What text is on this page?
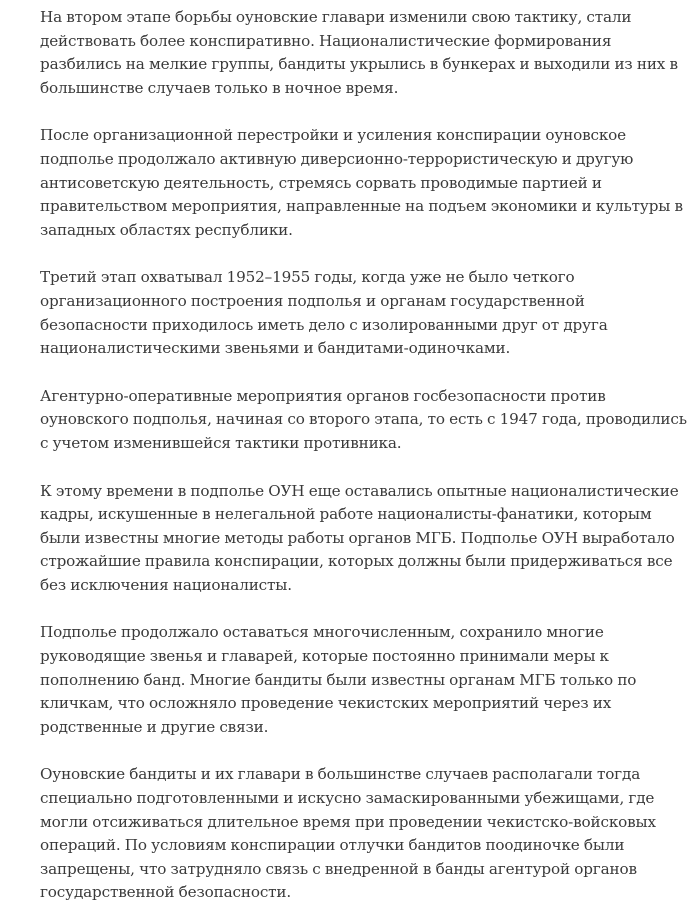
На втором этапе борьбы оуновские главари изменили свою тактику, стали действовать более конспиративно. Националистические формирования разбились на мелкие группы, бандиты укрылись в бункерах и выходили из них в большинстве случаев только в ночное время.

После организационной перестройки и усиления конспирации оуновское подполье продолжало активную диверсионно-террористическую и другую антисоветскую деятельность, стремясь сорвать проводимые партией и правительством мероприятия, направленные на подъем экономики и культуры в западных областях республики.

Третий этап охватывал 1952–1955 годы, когда уже не было четкого организационного построения подполья и органам государственной безопасности приходилось иметь дело с изолированными друг от друга националистическими звеньями и бандитами-одиночками.

Агентурно-оперативные мероприятия органов госбезопасности против оуновского подполья, начиная со второго этапа, то есть с 1947 года, проводились с учетом изменившейся тактики противника.

К этому времени в подполье ОУН еще оставались опытные националистические кадры, искушенные в нелегальной работе националисты-фанатики, которым были известны многие методы работы органов МГБ. Подполье ОУН выработало строжайшие правила конспирации, которых должны были придерживаться все без исключения националисты.

Подполье продолжало оставаться многочисленным, сохранило многие руководящие звенья и главарей, которые постоянно принимали меры к пополнению банд. Многие бандиты были известны органам МГБ только по кличкам, что осложняло проведение чекистских мероприятий через их родственные и другие связи.

Оуновские бандиты и их главари в большинстве случаев располагали тогда специально подготовленными и искусно замаскированными убежищами, где могли отсиживаться длительное время при проведении чекистско-войсковых операций. По условиям конспирации отлучки бандитов поодиночке были запрещены, что затрудняло связь с внедренной в банды агентурой органов государственной безопасности.
